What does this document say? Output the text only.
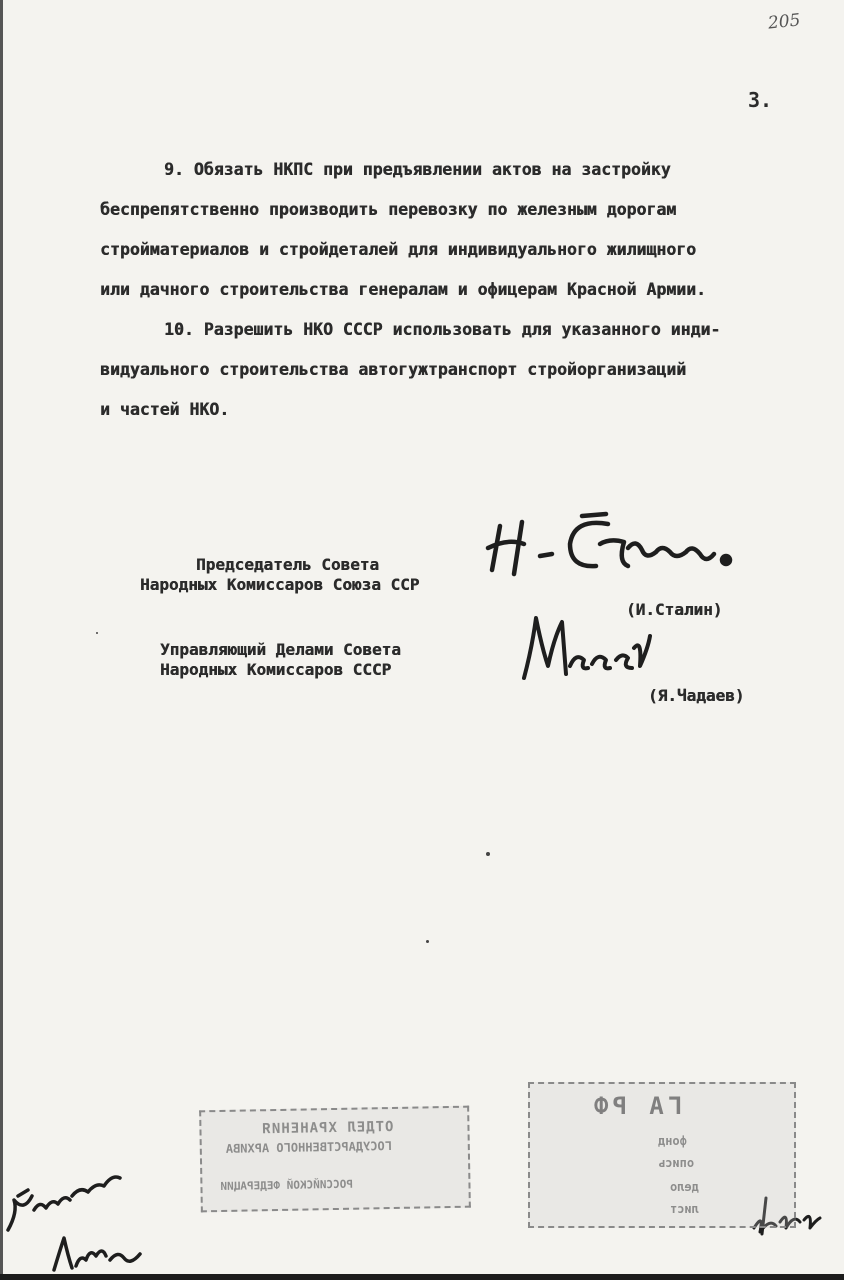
205
3.

9. Обязать НКПС при предъявлении актов на застройку

беспрепятственно производить перевозку по железным дорогам

стройматериалов и стройдеталей для индивидуального жилищного

или дачного строительства генералам и офицерам Красной Армии.

10. Разрешить НКО СССР использовать для указанного инди-

видуального строительства автогужтранспорт стройорганизаций

и частей НКО.

Председатель Совета
Народных Комиссаров Союза ССР
(И.Сталин)
Управляющий Делами Совета
Народных Комиссаров СССР
(Я.Чадаев)
ОТДЕЛ ХРАНЕНИЯ
ГОСУДАРСТВЕННОГО АРХИВА
РОССИЙСКОЙ ФЕДЕРАЦИИ
ГА РФ
фонд
опись
дело
лист
